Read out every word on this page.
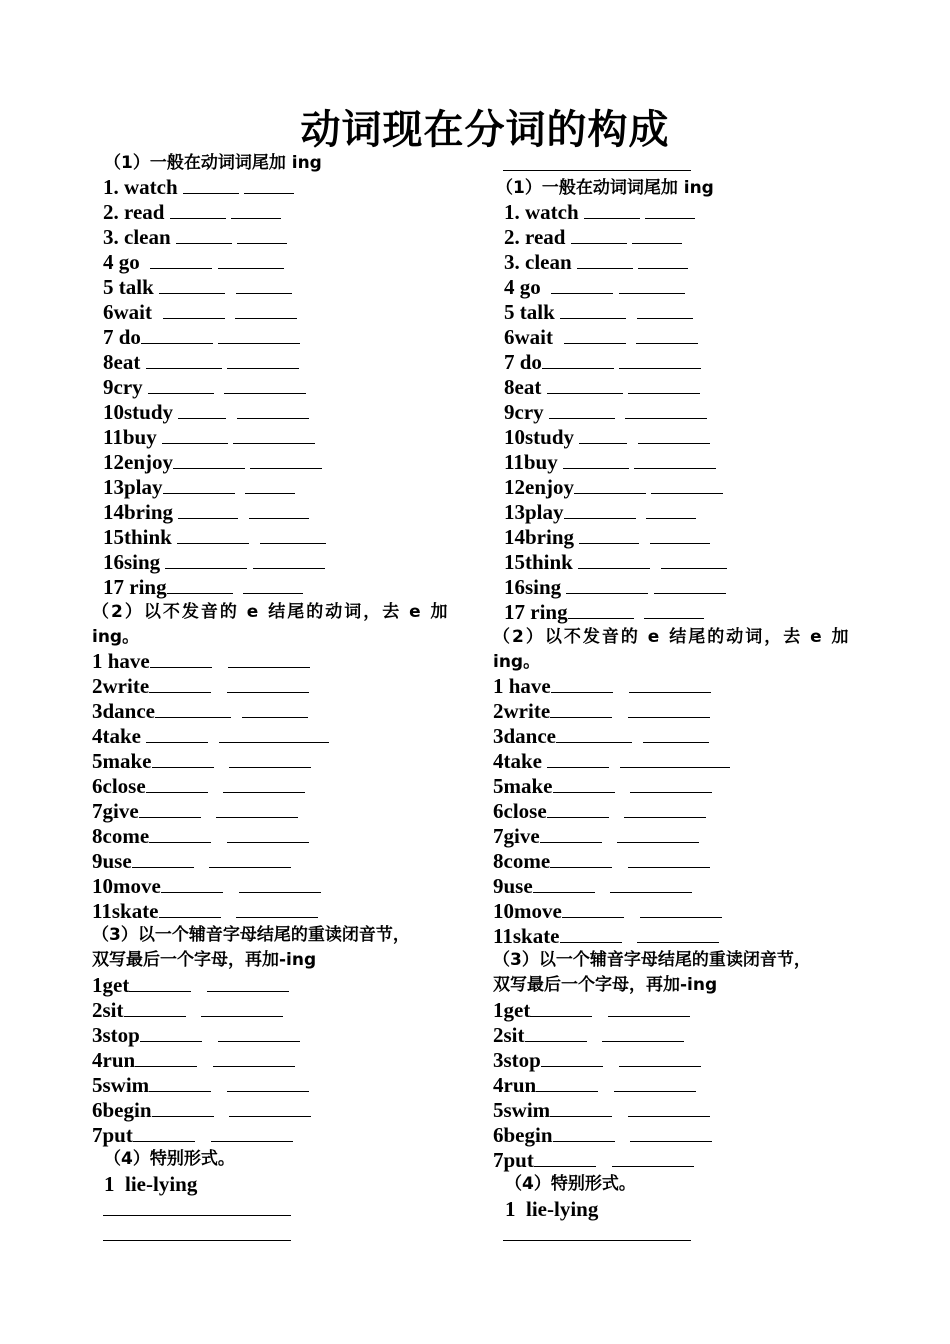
动词现在分词的构成
（1）一般在动词词尾加 ing
1. watch
2. read
3. clean
4 go
5 talk
6wait
7 do
8eat
9cry
10study
11buy
12enjoy
13play
14bring
15think
16sing
17 ring
（2）以不发音的 e 结尾的动词，去 e 加
ing。
1 have
2write
3dance
4take
5make
6close
7give
8come
9use
10move
11skate
（3）以一个辅音字母结尾的重读闭音节，
双写最后一个字母，再加-ing
1get
2sit
3stop
4run
5swim
6begin
7put
（4）特别形式。
1  lie-lying
（1）一般在动词词尾加 ing
1. watch
2. read
3. clean
4 go
5 talk
6wait
7 do
8eat
9cry
10study
11buy
12enjoy
13play
14bring
15think
16sing
17 ring
（2）以不发音的 e 结尾的动词，去 e 加
ing。
1 have
2write
3dance
4take
5make
6close
7give
8come
9use
10move
11skate
（3）以一个辅音字母结尾的重读闭音节，
双写最后一个字母，再加-ing
1get
2sit
3stop
4run
5swim
6begin
7put
（4）特别形式。
1  lie-lying
